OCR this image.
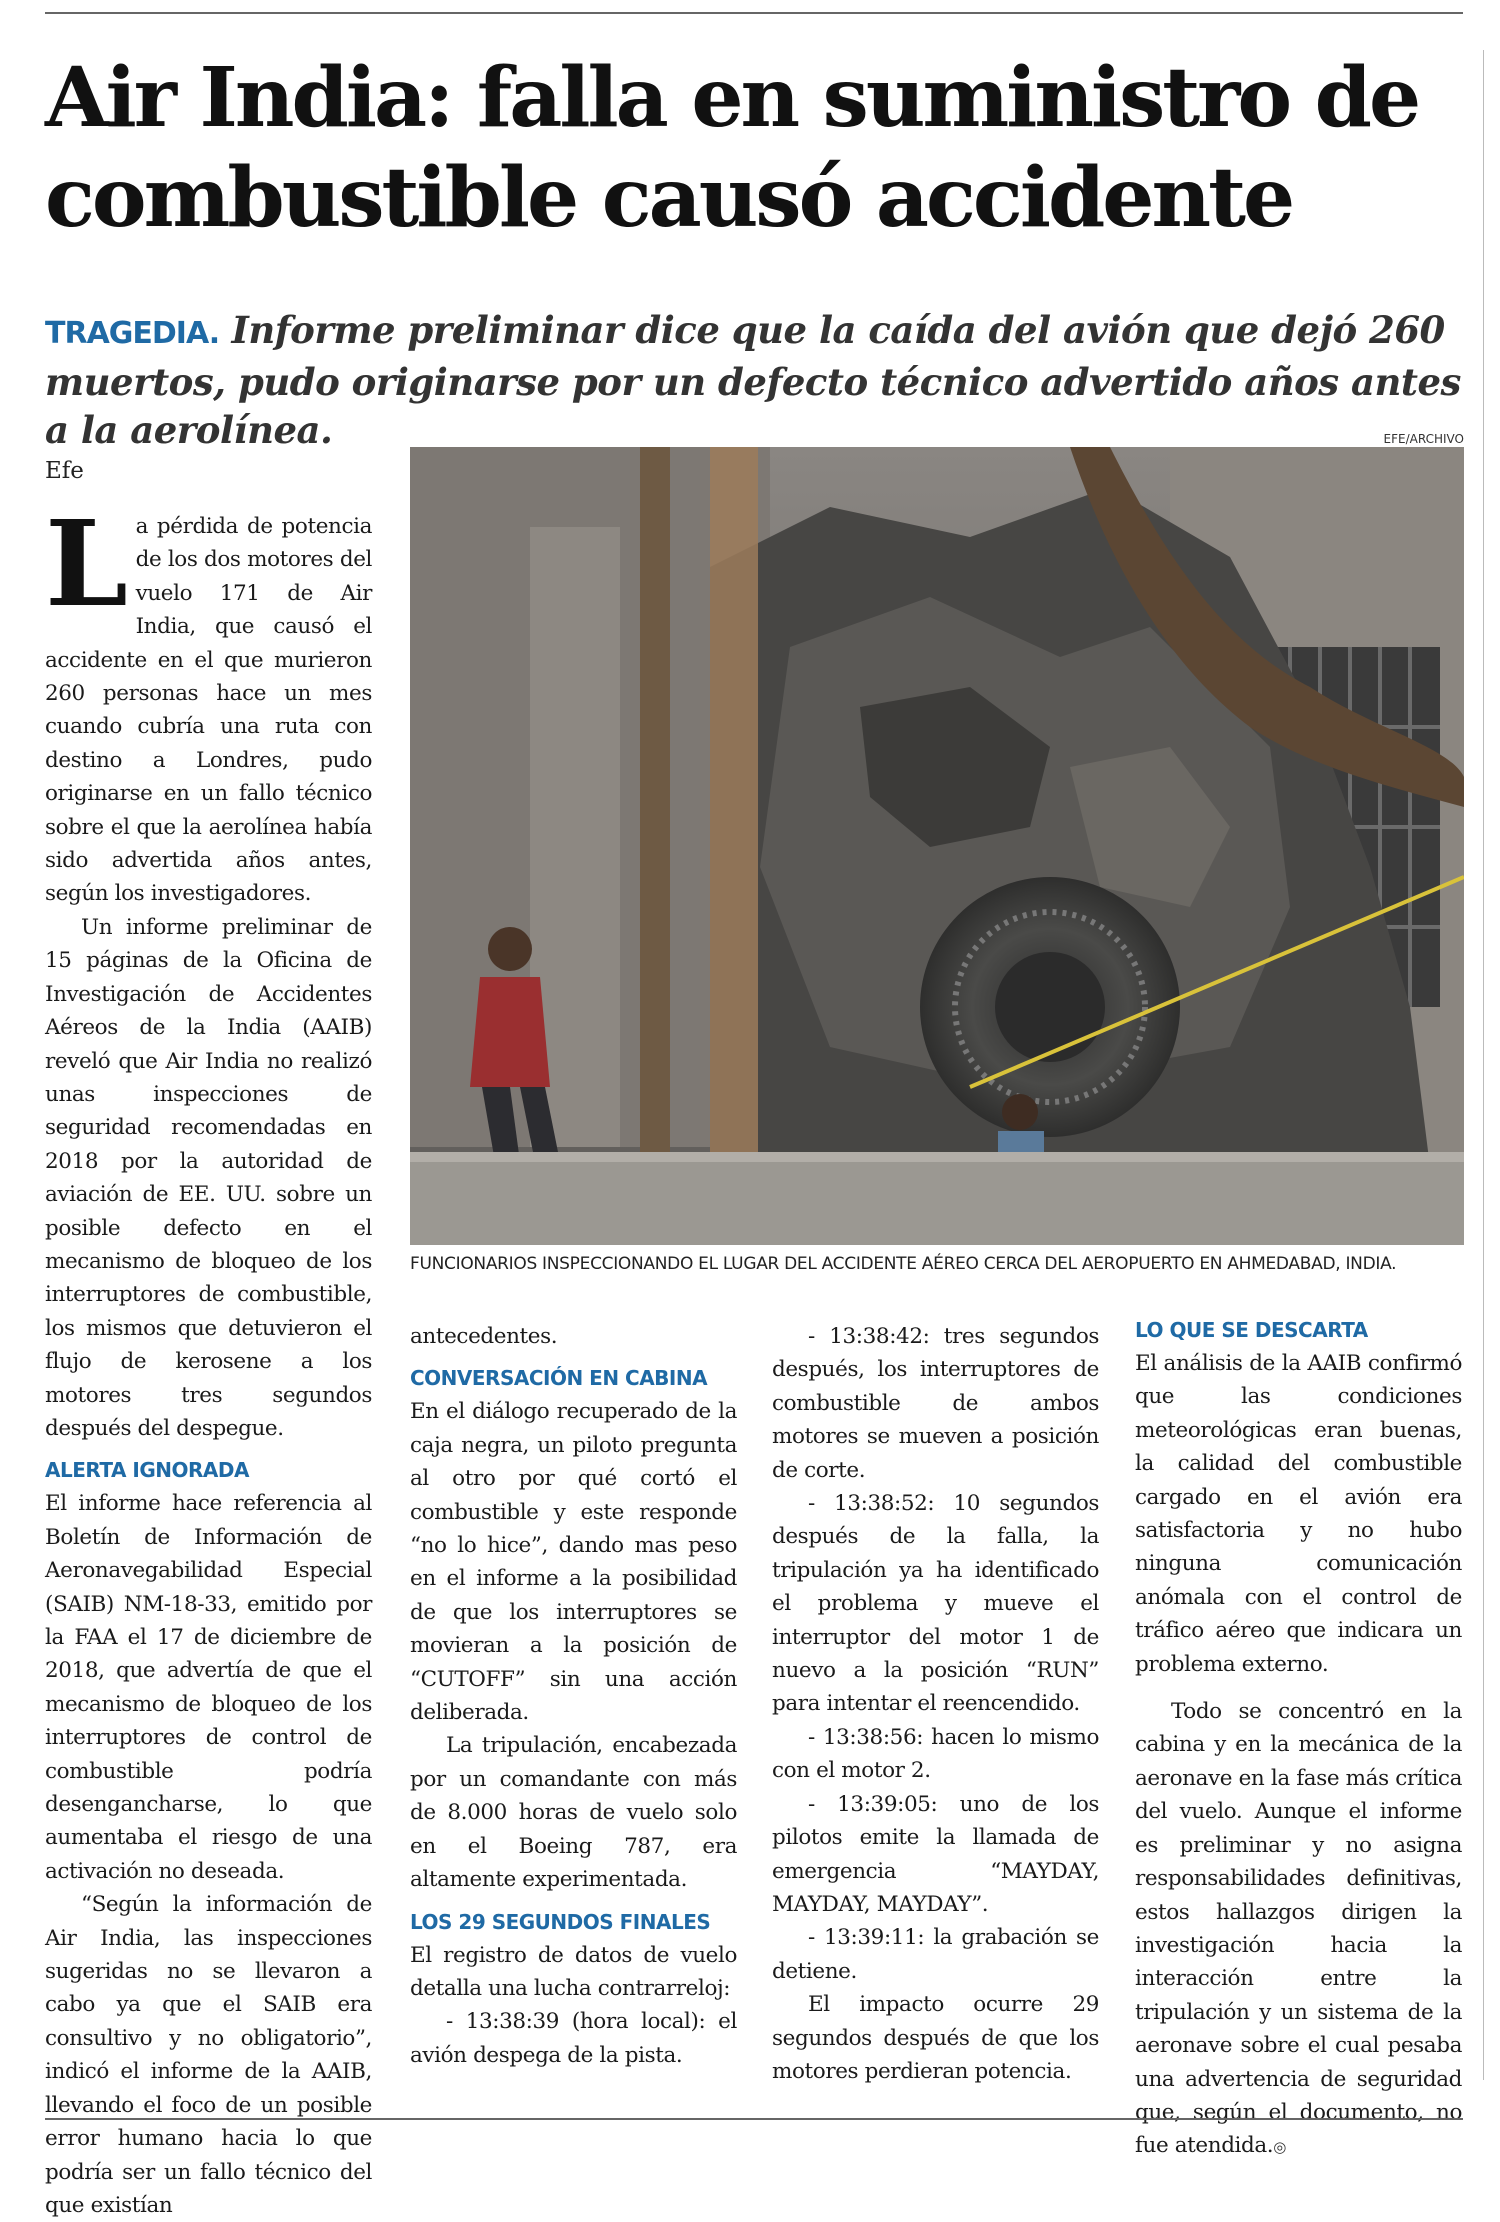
Air India: falla en suministro de combustible causó accidente

TRAGEDIA. Informe preliminar dice que la caída del avión que dejó 260 muertos, pudo originarse por un defecto técnico advertido años antes a la aerolínea.	EFE/ARCHIVO
FUNCIONARIOS INSPECCIONANDO EL LUGAR DEL ACCIDENTE AÉREO CERCA DEL AEROPUERTO EN AHMEDABAD, INDIA.
Efe

La pérdida de potencia de los dos motores del vuelo 171 de Air India, que causó el accidente en el que murieron 260 personas hace un mes cuando cubría una ruta con destino a Londres, pudo originarse en un fallo técnico sobre el que la aerolínea había sido advertida años antes, según los investigadores.

Un informe preliminar de 15 páginas de la Oficina de Investigación de Accidentes Aéreos de la India (AAIB) reveló que Air India no realizó unas inspecciones de seguridad recomendadas en 2018 por la autoridad de aviación de EE. UU. sobre un posible defecto en el mecanismo de bloqueo de los interruptores de combustible, los mismos que detuvieron el flujo de kerosene a los motores tres segundos después del despegue.

ALERTA IGNORADA

El informe hace referencia al Boletín de Información de Aeronavegabilidad Especial (SAIB) NM-18-33, emitido por la FAA el 17 de diciembre de 2018, que advertía de que el mecanismo de bloqueo de los interruptores de control de combustible podría desengancharse, lo que aumentaba el riesgo de una activación no deseada.

“Según la información de Air India, las inspecciones sugeridas no se llevaron a cabo ya que el SAIB era consultivo y no obligatorio”, indicó el informe de la AAIB, llevando el foco de un posible error humano hacia lo que podría ser un fallo técnico del que existían

antecedentes.

CONVERSACIÓN EN CABINA

En el diálogo recuperado de la caja negra, un piloto pregunta al otro por qué cortó el combustible y este responde “no lo hice”, dando mas peso en el informe a la posibilidad de que los interruptores se movieran a la posición de “CUTOFF” sin una acción deliberada.

La tripulación, encabezada por un comandante con más de 8.000 horas de vuelo solo en el Boeing 787, era altamente experimentada.

LOS 29 SEGUNDOS FINALES

El registro de datos de vuelo detalla una lucha contrarreloj:

- 13:38:39 (hora local): el avión despega de la pista.

- 13:38:42: tres segundos después, los interruptores de combustible de ambos motores se mueven a posición de corte.

- 13:38:52: 10 segundos después de la falla, la tripulación ya ha identificado el problema y mueve el interruptor del motor 1 de nuevo a la posición “RUN” para intentar el reencendido.

- 13:38:56: hacen lo mismo con el motor 2.

- 13:39:05: uno de los pilotos emite la llamada de emergencia “MAYDAY, MAYDAY, MAYDAY”.

- 13:39:11: la grabación se detiene.

El impacto ocurre 29 segundos después de que los motores perdieran potencia.

LO QUE SE DESCARTA

El análisis de la AAIB confirmó que las condiciones meteorológicas eran buenas, la calidad del combustible cargado en el avión era satisfactoria y no hubo ninguna comunicación anómala con el control de tráfico aéreo que indicara un problema externo.

Todo se concentró en la cabina y en la mecánica de la aeronave en la fase más crítica del vuelo. Aunque el informe es preliminar y no asigna responsabilidades definitivas, estos hallazgos dirigen la investigación hacia la interacción entre la tripulación y un sistema de la aeronave sobre el cual pesaba una advertencia de seguridad que, según el documento, no fue atendida.◎
